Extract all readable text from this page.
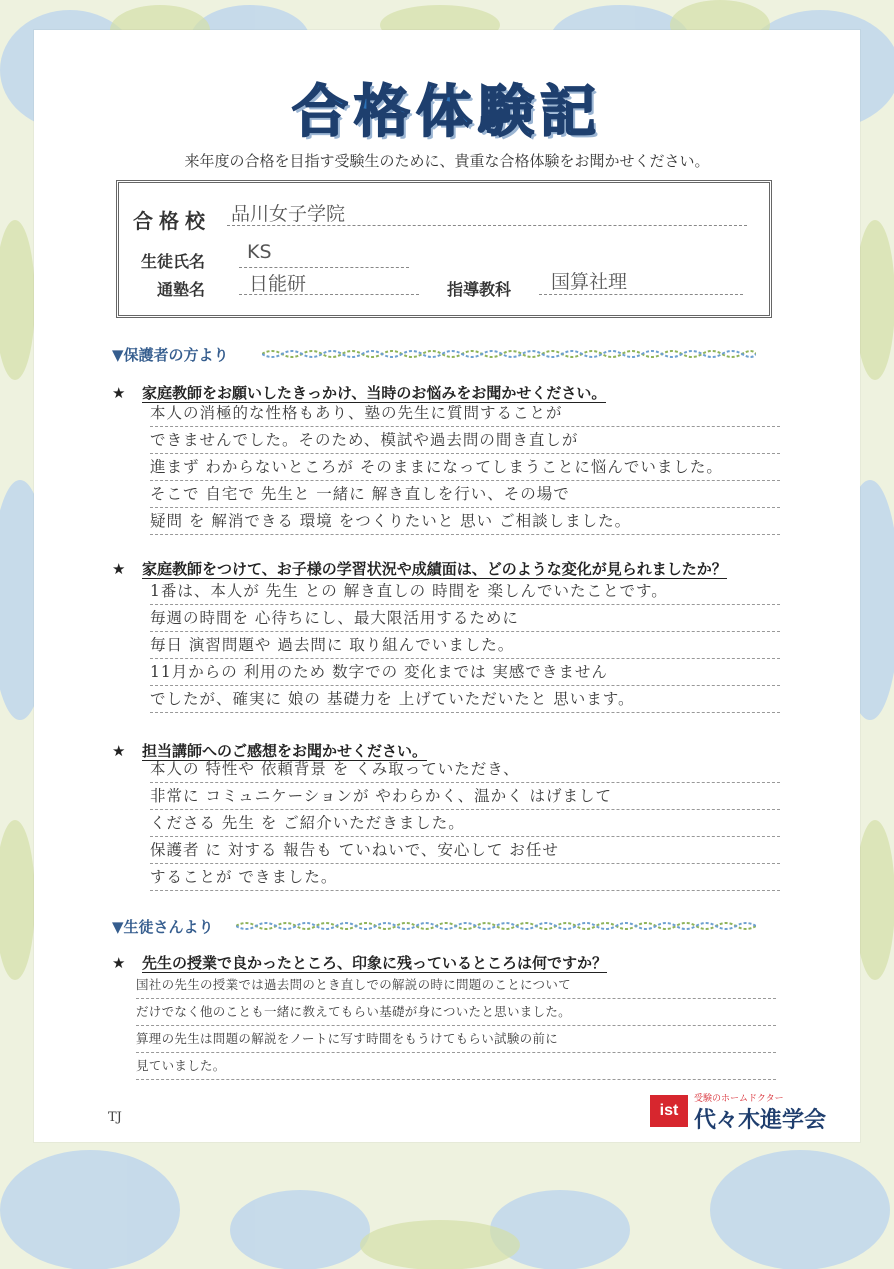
合格体験記
来年度の合格を目指す受験生のために、貴重な合格体験をお聞かせください。
合格校 品川女子学院
生徒氏名 KS
通塾名 日能研	指導教科 国算社理
▼保護者の方より
★ 家庭教師をお願いしたきっかけ、当時のお悩みをお聞かせください。
本人の消極的な性格もあり、塾の先生に質問することが
できませんでした。そのため、模試や過去問の間き直しが
進まず わからないところが そのままになってしまうことに悩んでいました。
そこで 自宅で 先生と 一緒に 解き直しを行い、その場で
疑問 を 解消できる 環境 をつくりたいと 思い ご相談しました。
★ 家庭教師をつけて、お子様の学習状況や成績面は、どのような変化が見られましたか？
1番は、本人が 先生 との 解き直しの 時間を 楽しんでいたことです。
毎週の時間を 心待ちにし、最大限活用するために
毎日 演習問題や 過去問に 取り組んでいました。
11月からの 利用のため 数字での 変化までは 実感できません
でしたが、確実に 娘の 基礎力を 上げていただいたと 思います。
★ 担当講師へのご感想をお聞かせください。
本人の 特性や 依頼背景 を くみ取っていただき、
非常に コミュニケーションが やわらかく、温かく はげまして
くださる 先生 を ご紹介いただきました。
保護者 に 対する 報告も ていねいで、安心して お任せ
することが できました。
▼生徒さんより
★ 先生の授業で良かったところ、印象に残っているところは何ですか？
国社の先生の授業では過去問のとき直しでの解説の時に問題のことについて
だけでなく他のことも一緒に教えてもらい基礎が身についたと思いました。
算理の先生は問題の解説をノートに写す時間をもうけてもらい試験の前に
見ていました。
TJ	ist
受験のホームドクター
代々木進学会
